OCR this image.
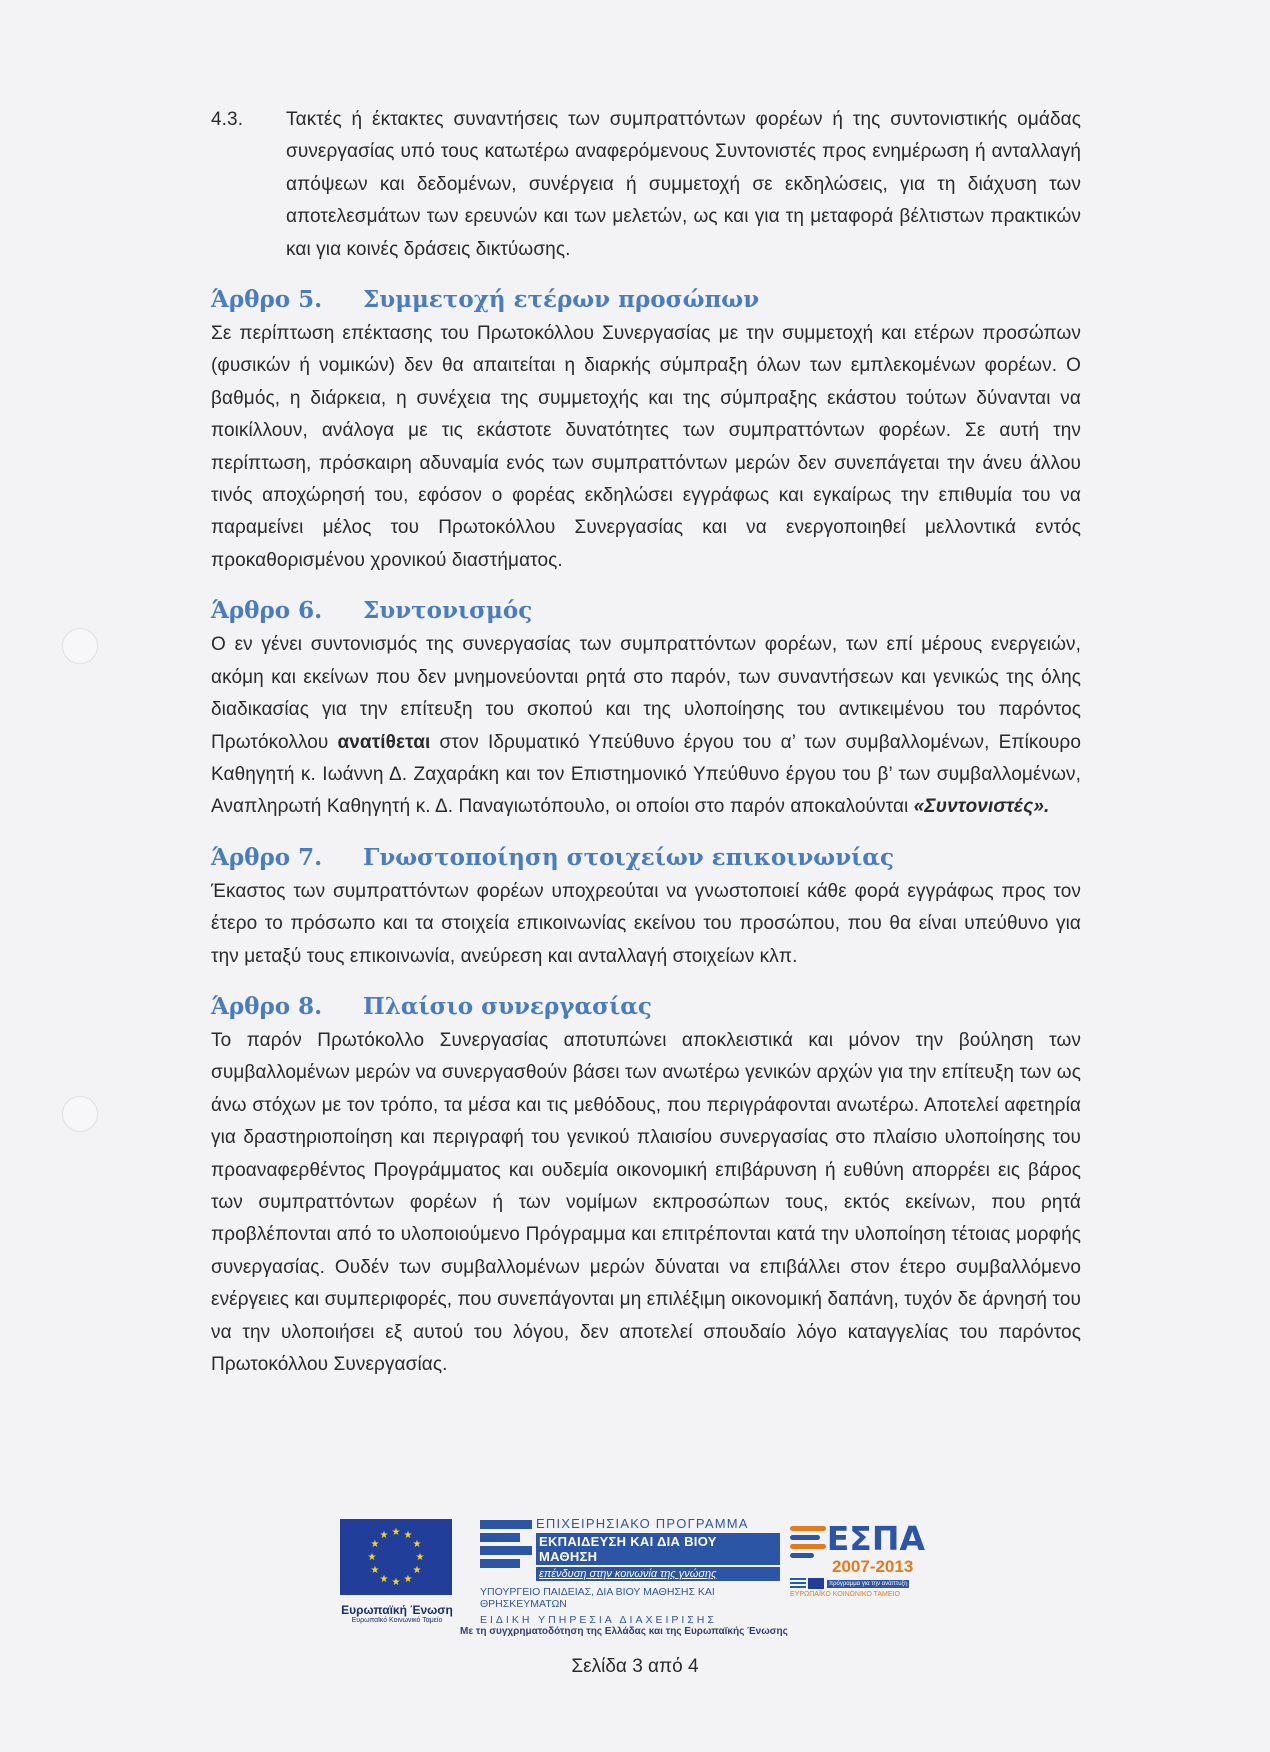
4.3.	Τακτές ή έκτακτες συναντήσεις των συμπραττόντων φορέων ή της συντονιστικής ομάδας συνεργασίας υπό τους κατωτέρω αναφερόμενους Συντονιστές προς ενημέρωση ή ανταλλαγή απόψεων και δεδομένων, συνέργεια ή συμμετοχή σε εκδηλώσεις, για τη διάχυση των αποτελεσμάτων των ερευνών και των μελετών, ως και για τη μεταφορά βέλτιστων πρακτικών και για κοινές δράσεις δικτύωσης.

Άρθρο 5.	Συμμετοχή ετέρων προσώπων

Σε περίπτωση επέκτασης του Πρωτοκόλλου Συνεργασίας με την συμμετοχή και ετέρων προσώπων (φυσικών ή νομικών) δεν θα απαιτείται η διαρκής σύμπραξη όλων των εμπλεκομένων φορέων. Ο βαθμός, η διάρκεια, η συνέχεια της συμμετοχής και της σύμπραξης εκάστου τούτων δύνανται να ποικίλλουν, ανάλογα με τις εκάστοτε δυνατότητες των συμπραττόντων φορέων. Σε αυτή την περίπτωση, πρόσκαιρη αδυναμία ενός των συμπραττόντων μερών δεν συνεπάγεται την άνευ άλλου τινός αποχώρησή του, εφόσον ο φορέας εκδηλώσει εγγράφως και εγκαίρως την επιθυμία του να παραμείνει μέλος του Πρωτοκόλλου Συνεργασίας και να ενεργοποιηθεί μελλοντικά εντός προκαθορισμένου χρονικού διαστήματος.

Άρθρο 6.	Συντονισμός

Ο εν γένει συντονισμός της συνεργασίας των συμπραττόντων φορέων, των επί μέρους ενεργειών, ακόμη και εκείνων που δεν μνημονεύονται ρητά στο παρόν, των συναντήσεων και γενικώς της όλης διαδικασίας για την επίτευξη του σκοπού και της υλοποίησης του αντικειμένου του παρόντος Πρωτόκολλου ανατίθεται στον Ιδρυματικό Υπεύθυνο έργου του α’ των συμβαλλομένων, Επίκουρο Καθηγητή κ. Ιωάννη Δ. Ζαχαράκη και τον Επιστημονικό Υπεύθυνο έργου του β’ των συμβαλλομένων, Αναπληρωτή Καθηγητή κ. Δ. Παναγιωτόπουλο, οι οποίοι στο παρόν αποκαλούνται «Συντονιστές».

Άρθρο 7.	Γνωστοποίηση στοιχείων επικοινωνίας

Έκαστος των συμπραττόντων φορέων υποχρεούται να γνωστοποιεί κάθε φορά εγγράφως προς τον έτερο το πρόσωπο και τα στοιχεία επικοινωνίας εκείνου του προσώπου, που θα είναι υπεύθυνο για την μεταξύ τους επικοινωνία, ανεύρεση και ανταλλαγή στοιχείων κλπ.

Άρθρο 8.	Πλαίσιο συνεργασίας

Το παρόν Πρωτόκολλο Συνεργασίας αποτυπώνει αποκλειστικά και μόνον την βούληση των συμβαλλομένων μερών να συνεργασθούν βάσει των ανωτέρω γενικών αρχών για την επίτευξη των ως άνω στόχων με τον τρόπο, τα μέσα και τις μεθόδους, που περιγράφονται ανωτέρω. Αποτελεί αφετηρία για δραστηριοποίηση και περιγραφή του γενικού πλαισίου συνεργασίας στο πλαίσιο υλοποίησης του προαναφερθέντος Προγράμματος και ουδεμία οικονομική επιβάρυνση ή ευθύνη απορρέει εις βάρος των συμπραττόντων φορέων ή των νομίμων εκπροσώπων τους, εκτός εκείνων, που ρητά προβλέπονται από το υλοποιούμενο Πρόγραμμα και επιτρέπονται κατά την υλοποίηση τέτοιας μορφής συνεργασίας. Ουδέν των συμβαλλομένων μερών δύναται να επιβάλλει στον έτερο συμβαλλόμενο ενέργειες και συμπεριφορές, που συνεπάγονται μη επιλέξιμη οικονομική δαπάνη, τυχόν δε άρνησή του να την υλοποιήσει εξ αυτού του λόγου, δεν αποτελεί σπουδαίο λόγο καταγγελίας του παρόντος Πρωτοκόλλου Συνεργασίας.

★ ★
★
★
★
★
★
★
★
★
★
★
Ευρωπαϊκή Ένωση
Ευρωπαϊκό Κοινωνικό Ταμείο
ΕΠΙΧΕΙΡΗΣΙΑΚΟ ΠΡΟΓΡΑΜΜΑ
ΕΚΠΑΙΔΕΥΣΗ ΚΑΙ ΔΙΑ ΒΙΟΥ ΜΑΘΗΣΗ
επένδυση στην κοινωνία της γνώσης
ΥΠΟΥΡΓΕΙΟ ΠΑΙΔΕΙΑΣ, ΔΙΑ ΒΙΟΥ ΜΑΘΗΣΗΣ ΚΑΙ ΘΡΗΣΚΕΥΜΑΤΩΝ
ΕΙΔΙΚΗ ΥΠΗΡΕΣΙΑ ΔΙΑΧΕΙΡΙΣΗΣ
ΕΣΠΑ
2007-2013
πρόγραμμα για την ανάπτυξη
ΕΥΡΩΠΑΪΚΟ ΚΟΙΝΩΝΙΚΟ ΤΑΜΕΙΟ
Με τη συγχρηματοδότηση της Ελλάδας και της Ευρωπαϊκής Ένωσης
Σελίδα 3 από 4
